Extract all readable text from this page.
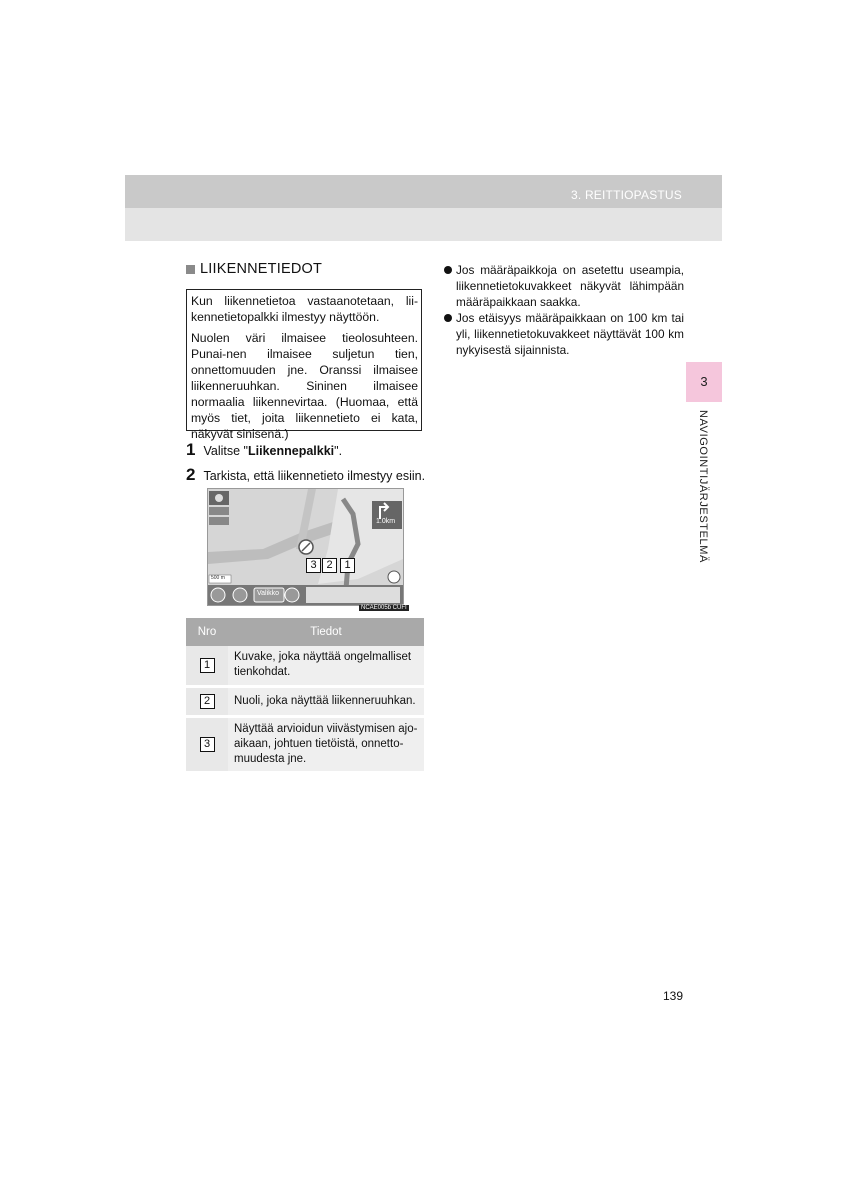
3. REITTIOPASTUS
3
NAVIGOINTIJÄRJESTELMÄ
LIIKENNETIEDOT

Kun liikennetietoa vastaanotetaan, lii-kennetietopalkki ilmestyy näyttöön.

Nuolen väri ilmaisee tieolosuhteen. Punai-nen ilmaisee suljetun tien, onnettomuuden jne. Oranssi ilmaisee liikenneruuhkan. Sininen ilmaisee normaalia liikennevirtaa. (Huomaa, että myös tiet, joita liikennetieto ei kata, näkyvät sinisenä.)

1 Valitse "Liikennepalkki".
2 Tarkista, että liikennetieto ilmestyy esiin.
1.0km
500 m
Valikko
3 2	1
NCAE005b CUFI
Nro	Tiedot
1	Kuvake, joka näyttää ongelmalliset tienkohdat.
2	Nuoli, joka näyttää liikenneruuhkan.
3	Näyttää arvioidun viivästymisen ajo-aikaan, johtuen tietöistä, onnetto-muudesta jne.
Jos määräpaikkoja on asetettu useampia, liikennetietokuvakkeet näkyvät lähimpään määräpaikkaan saakka.
Jos etäisyys määräpaikkaan on 100 km tai yli, liikennetietokuvakkeet näyttävät 100 km nykyisestä sijainnista.
139
